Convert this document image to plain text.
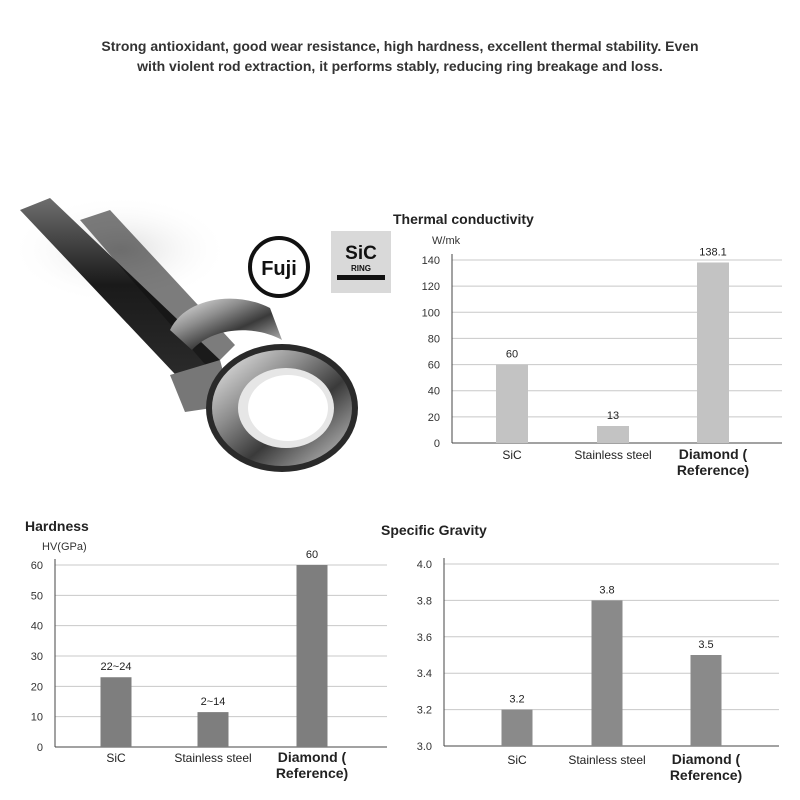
Strong antioxidant, good wear resistance, high hardness, excellent thermal stability. Even
with violent rod extraction, it performs stably, reducing ring breakage and loss.
Fuji
SiC
RING
Thermal conductivity
W/mk
0
20
40
60
80
100
120
140
60
SiC
13
Stainless steel
138.1
Diamond (
Reference)
Hardness
HV(GPa)
0
10
20
30
40
50
60
22~24
SiC
2~14
Stainless steel
60
Diamond (
Reference)
Specific Gravity
3.0
3.2
3.4
3.6
3.8
4.0
3.2
SiC
3.8
Stainless steel
3.5
Diamond (
Reference)
